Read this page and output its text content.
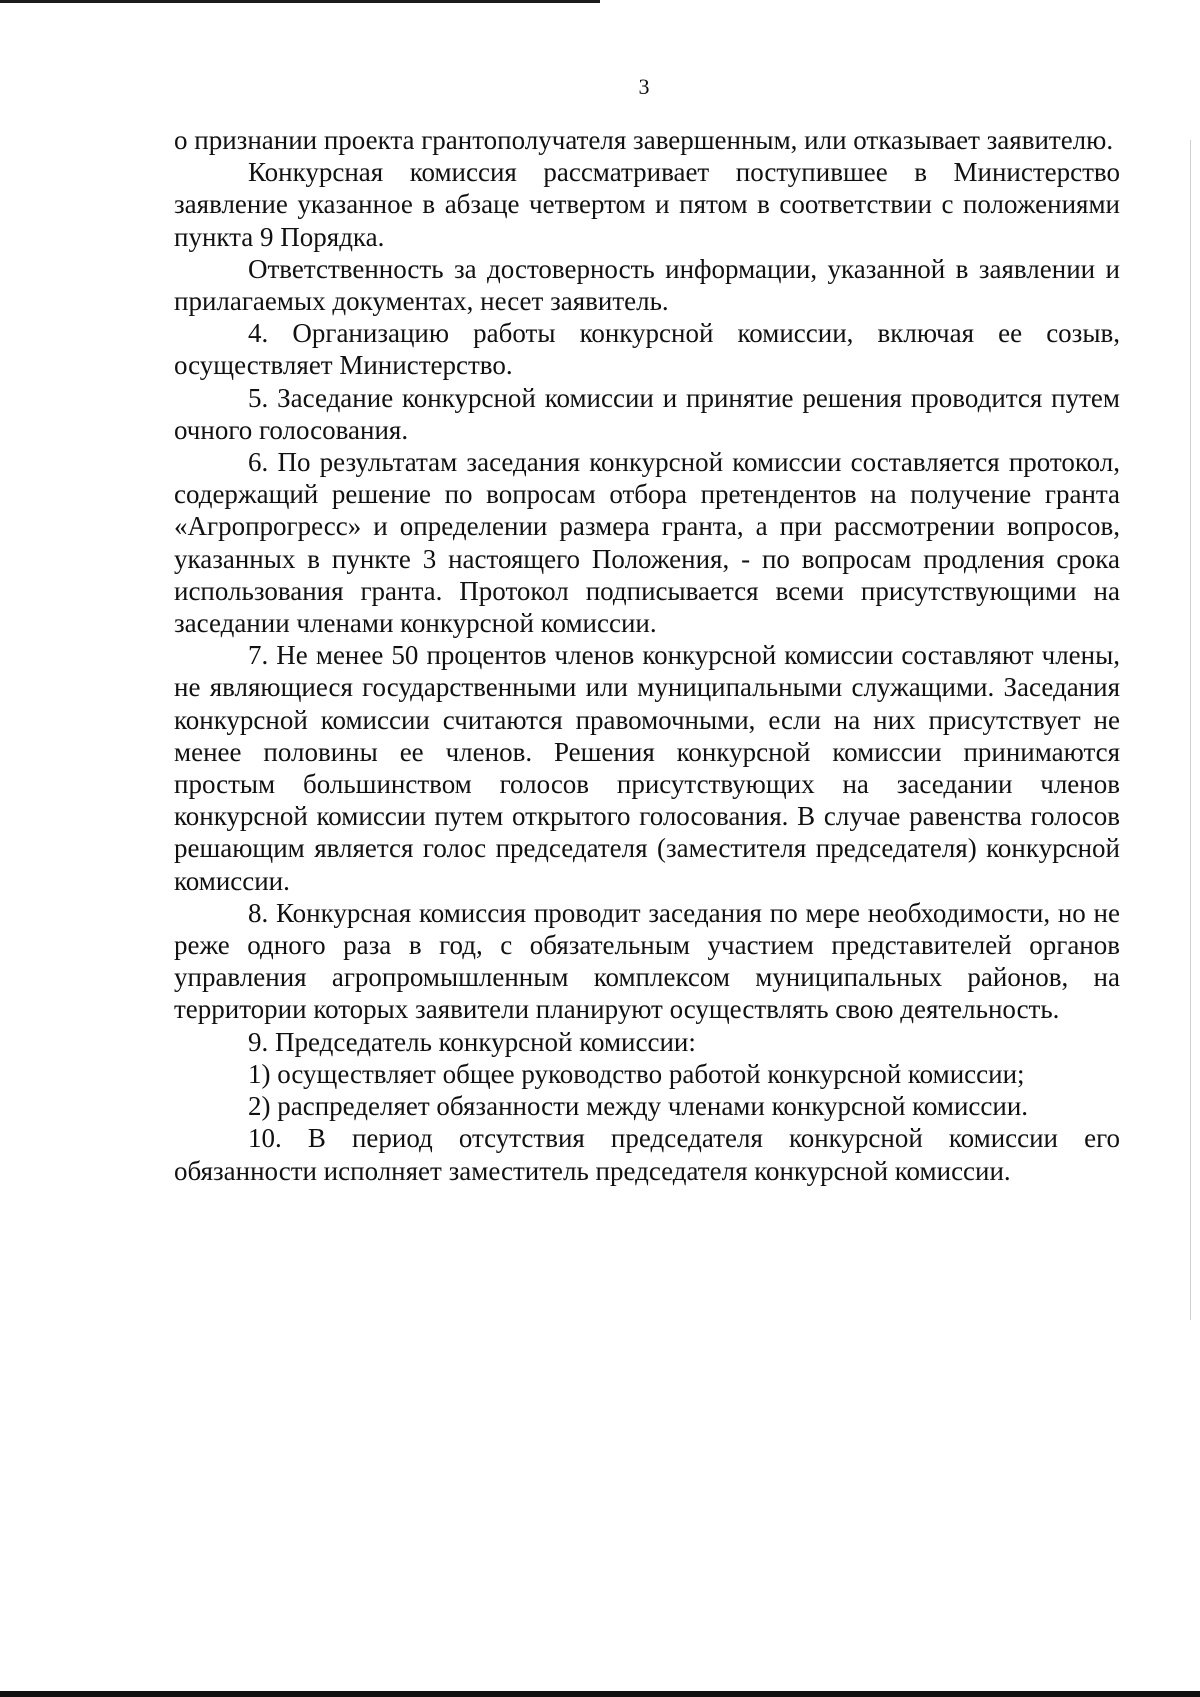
3

о признании проекта грантополучателя завершенным, или отказывает заявителю.

Конкурсная комиссия рассматривает поступившее в Министерство заявление указанное в абзаце четвертом и пятом в соответствии с положениями пункта 9 Порядка.

Ответственность за достоверность информации, указанной в заявлении и прилагаемых документах, несет заявитель.

4. Организацию работы конкурсной комиссии, включая ее созыв, осуществляет Министерство.

5. Заседание конкурсной комиссии и принятие решения проводится путем очного голосования.

6. По результатам заседания конкурсной комиссии составляется протокол, содержащий решение по вопросам отбора претендентов на получение гранта «Агропрогресс» и определении размера гранта, а при рассмотрении вопросов, указанных в пункте 3 настоящего Положения, - по вопросам продления срока использования гранта. Протокол подписывается всеми присутствующими на заседании членами конкурсной комиссии.

7. Не менее 50 процентов членов конкурсной комиссии составляют члены, не являющиеся государственными или муниципальными служащими. Заседания конкурсной комиссии считаются правомочными, если на них присутствует не менее половины ее членов. Решения конкурсной комиссии принимаются простым большинством голосов присутствующих на заседании членов конкурсной комиссии путем открытого голосования. В случае равенства голосов решающим является голос председателя (заместителя председателя) конкурсной комиссии.

8. Конкурсная комиссия проводит заседания по мере необходимости, но не реже одного раза в год, с обязательным участием представителей органов управления агропромышленным комплексом муниципальных районов, на территории которых заявители планируют осуществлять свою деятельность.

9. Председатель конкурсной комиссии:

1) осуществляет общее руководство работой конкурсной комиссии;

2) распределяет обязанности между членами конкурсной комиссии.

10. В период отсутствия председателя конкурсной комиссии его обязанности исполняет заместитель председателя конкурсной комиссии.
